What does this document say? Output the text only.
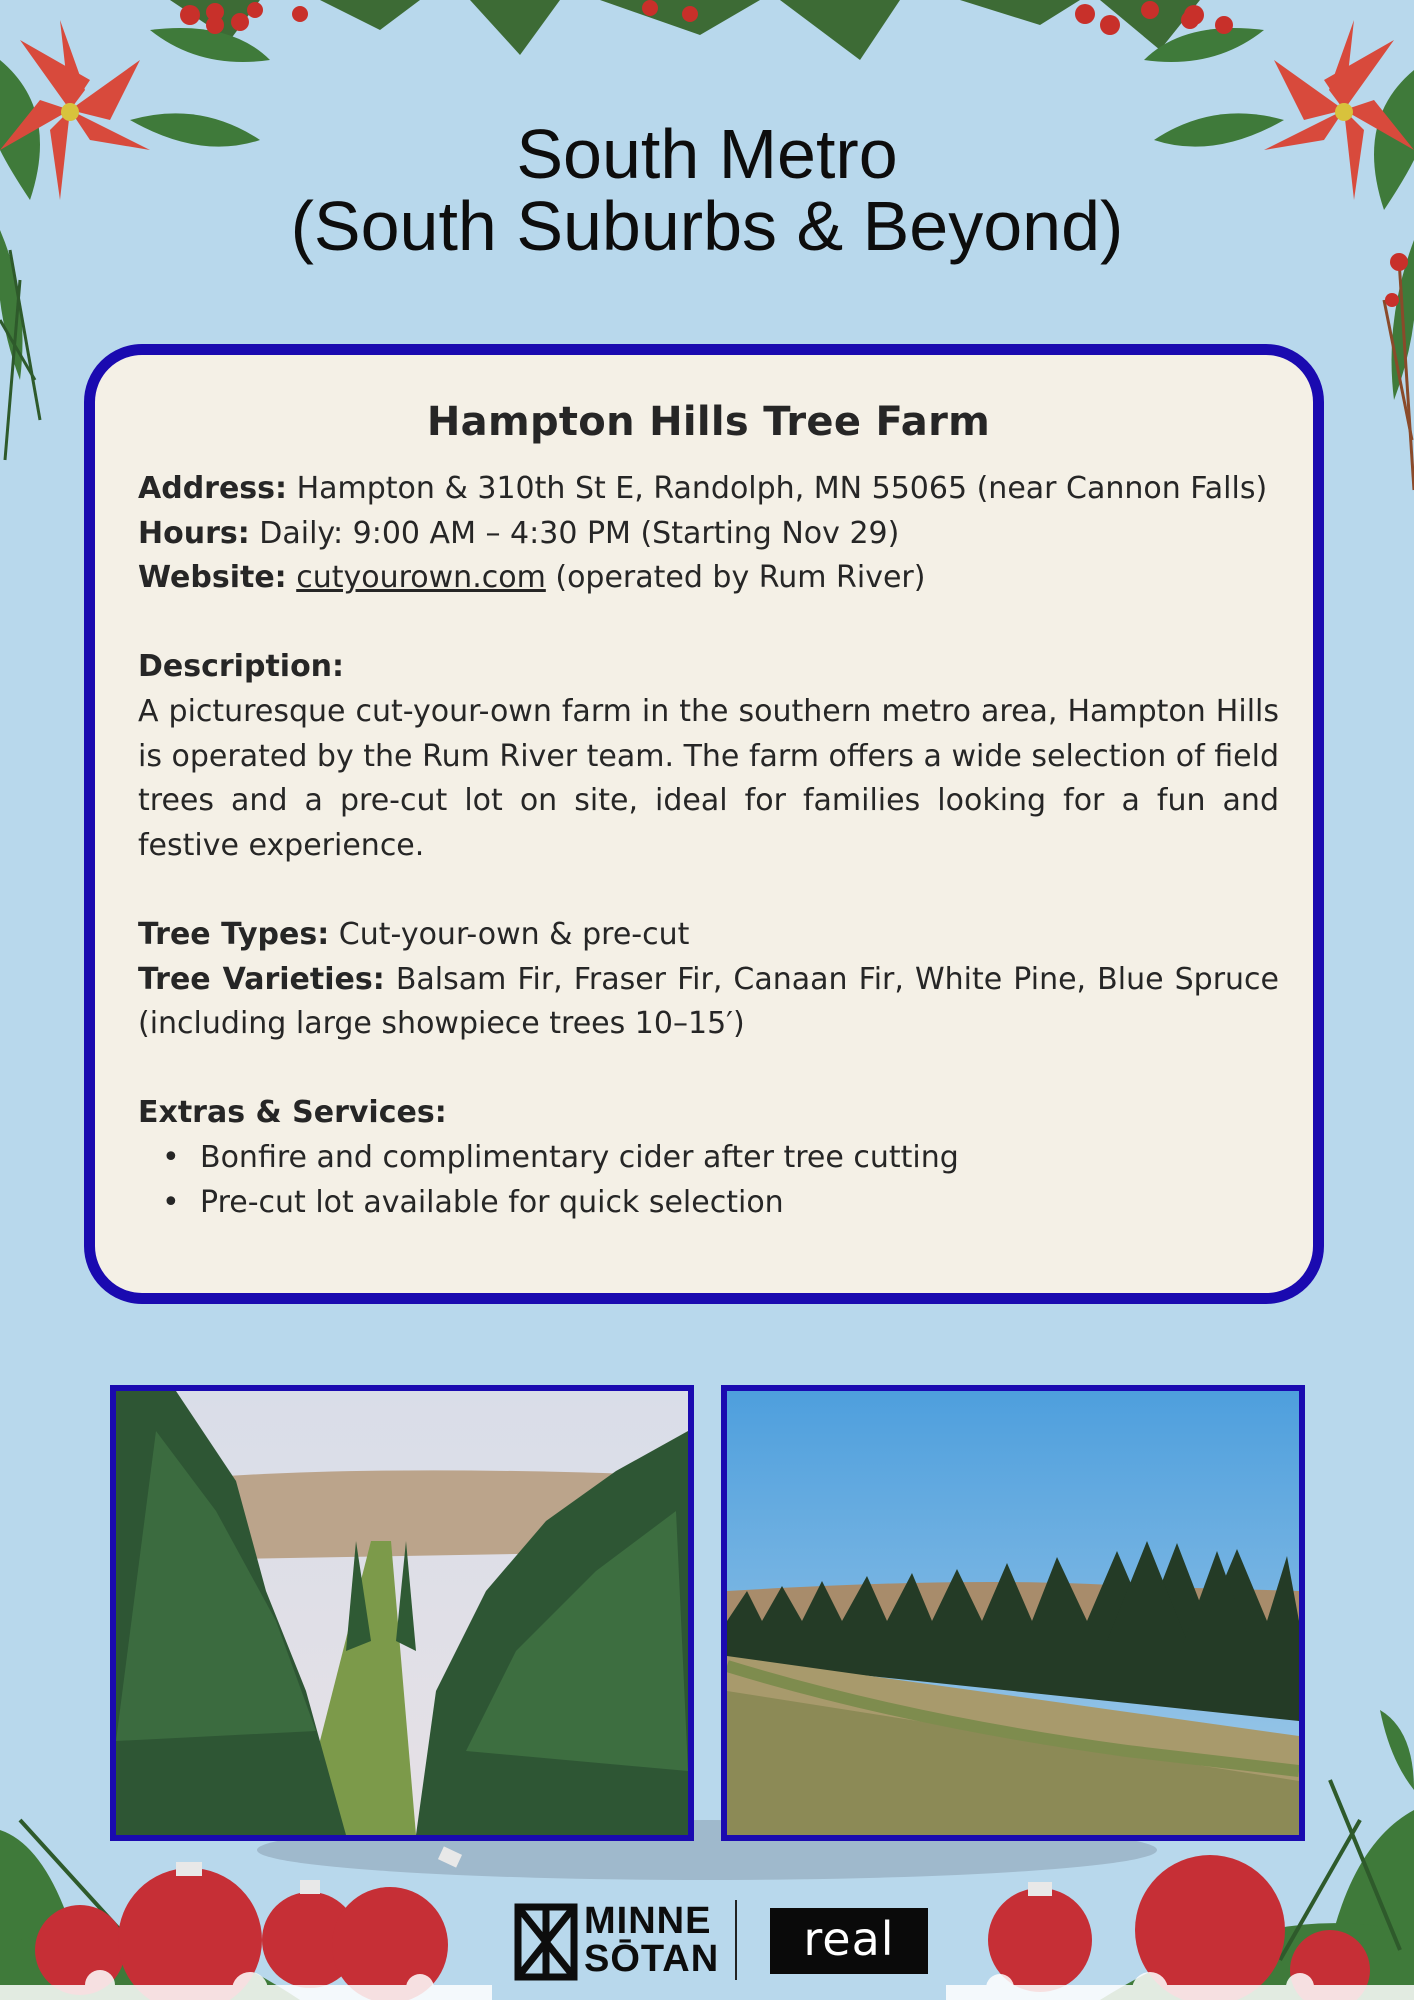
South Metro
(South Suburbs & Beyond)
Hampton Hills Tree Farm

Address: Hampton & 310th St E, Randolph, MN 55065 (near Cannon Falls)

Hours: Daily: 9:00 AM – 4:30 PM (Starting Nov 29)

Website: cutyourown.com (operated by Rum River)

Description:

A picturesque cut-your-own farm in the southern metro area, Hampton Hills is operated by the Rum River team. The farm offers a wide selection of field trees and a pre-cut lot on site, ideal for families looking for a fun and festive experience.

Tree Types: Cut-your-own & pre-cut

Tree Varieties: Balsam Fir, Fraser Fir, Canaan Fir, White Pine, Blue Spruce (including large showpiece trees 10–15′)

Extras & Services:

• Bonfire and complimentary cider after tree cutting
• Pre-cut lot available for quick selection
MINNE
SŌTAN	real
